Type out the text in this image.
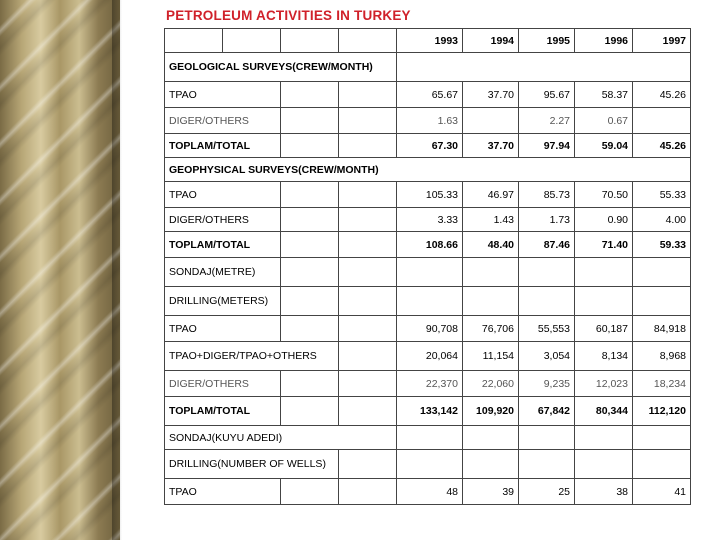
PETROLEUM ACTIVITIES IN TURKEY
				1993	1994	1995	1996	1997
GEOLOGICAL SURVEYS(CREW/MONTH)								
TPAO				65.67	37.70	95.67	58.37	45.26
DIGER/OTHERS				1.63		2.27	0.67	
TOPLAM/TOTAL				67.30	37.70	97.94	59.04	45.26
GEOPHYSICAL SURVEYS(CREW/MONTH)								
TPAO				105.33	46.97	85.73	70.50	55.33
DIGER/OTHERS				3.33	1.43	1.73	0.90	4.00
TOPLAM/TOTAL				108.66	48.40	87.46	71.40	59.33
SONDAJ(METRE)								
DRILLING(METERS)								
TPAO				90,708	76,706	55,553	60,187	84,918
TPAO+DIGER/TPAO+OTHERS				20,064	11,154	3,054	8,134	8,968
DIGER/OTHERS				22,370	22,060	9,235	12,023	18,234
TOPLAM/TOTAL				133,142	109,920	67,842	80,344	112,120
SONDAJ(KUYU ADEDI)								
DRILLING(NUMBER OF WELLS)								
TPAO				48	39	25	38	41
